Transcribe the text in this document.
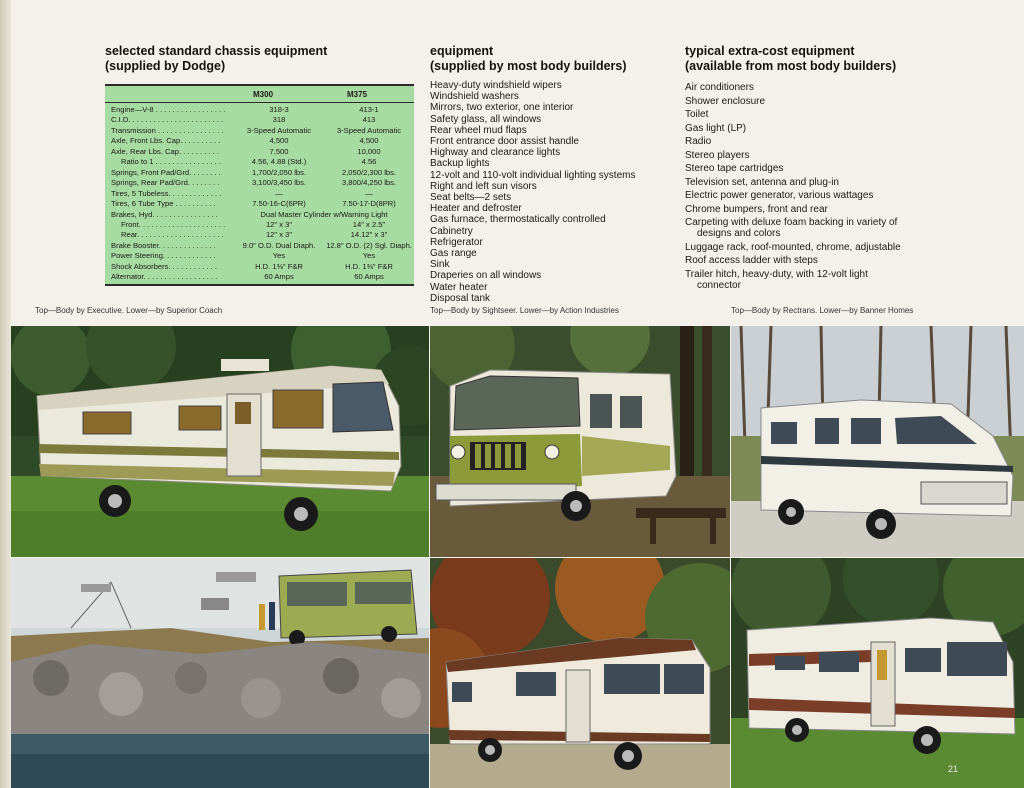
selected standard chassis equipment
(supplied by Dodge)
M300	M375
Engine—V-8 . . . . . . . . . . . . . . . . .	318-3	413-1
C.I.D. . . . . . . . . . . . . . . . . . . . . . .	318	413
Transmission . . . . . . . . . . . . . . . .	3-Speed Automatic	3-Speed Automatic
Axle, Front Lbs. Cap. . . . . . . . . .	4,500	4,500
Axle, Rear Lbs. Cap. . . . . . . . . .	7,500	10,000
Ratio to 1 . . . . . . . . . . . . . . . .	4.56, 4.88 (Std.)	4.56
Springs, Front Pad/Grd. . . . . . . .	1,700/2,050 lbs.	2,050/2,300 lbs.
Springs, Rear Pad/Grd. . . . . . . .	3,100/3,450 lbs.	3,800/4,250 lbs.
Tires, 5 Tubeless. . . . . . . . . . . . .	—	—
Tires, 6 Tube Type . . . . . . . . . .	7.50-16-C(6PR)	7.50-17-D(8PR)
Brakes, Hyd. . . . . . . . . . . . . . . .	Dual Master Cylinder w/Warning Light
Front. . . . . . . . . . . . . . . . . . . . .	12" x 3"	14" x 2.5"
Rear. . . . . . . . . . . . . . . . . . . . .	12" x 3"	14.12" x 3"
Brake Booster. . . . . . . . . . . . . .	9.0" O.D. Dual Diaph.	12.8" O.D. (2) Sgl. Diaph.
Power Steering. . . . . . . . . . . . .	Yes	Yes
Shock Absorbers. . . . . . . . . . . .	H.D. 1⅜" F&R	H.D. 1⅜" F&R
Alternator. . . . . . . . . . . . . . . . . .	60 Amps	60 Amps
equipment
(supplied by most body builders)
Heavy-duty windshield wipers
Windshield washers
Mirrors, two exterior, one interior
Safety glass, all windows
Rear wheel mud flaps
Front entrance door assist handle
Highway and clearance lights
Backup lights
12-volt and 110-volt individual lighting systems
Right and left sun visors
Seat belts—2 sets
Heater and defroster
Gas furnace, thermostatically controlled
Cabinetry
Refrigerator
Gas range
Sink
Draperies on all windows
Water heater
Disposal tank
typical extra-cost equipment
(available from most body builders)
Air conditioners
Shower enclosure
Toilet
Gas light (LP)
Radio
Stereo players
Stereo tape cartridges
Television set, antenna and plug-in
Electric power generator, various wattages
Chrome bumpers, front and rear
Carpeting with deluxe foam backing in variety of
designs and colors
Luggage rack, roof-mounted, chrome, adjustable
Roof access ladder with steps
Trailer hitch, heavy-duty, with 12-volt light
connector
Top—Body by Executive. Lower—by Superior Coach	Top—Body by Sightseer. Lower—by Action Industries	Top—Body by Rectrans. Lower—by Banner Homes
21
